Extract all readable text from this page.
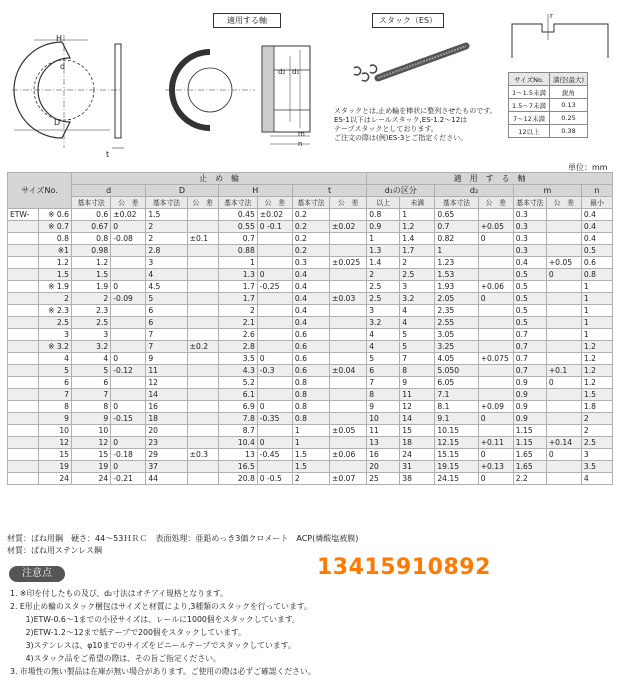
適用する軸	スタック（ES）
H
d
D
t
d₂ d₁
m
n
スタックとは,止め輪を棒状に整列させたものです。
ES-1以下はレールスタック,ES-1.2～12は
テープスタックとしております。
ご注文の際は(例)ES-3とご指定ください。
r
サイズNo.	満径(最大)
1～1.5未満	鋭角
1.5～7未満	0.13
7～12未満	0.25
12以上	0.38
単位：mm
サイズNo.		止　め　輪								適　用　す　る　軸						
		d		D		H		t		d₁の区分		d₂		m		n
		基本寸法	公　差	基本寸法	公　差	基本寸法	公　差	基本寸法	公　差	以上	未満	基本寸法	公　差	基本寸法	公　差	最小
ETW-	※ 0.6	0.6	±0.02	1.5		0.45	±0.02	0.2		0.8	1	0.65		0.3		0.4
	※ 0.7	0.67	0	2		0.55	0 -0.1	0.2	±0.02	0.9	1.2	0.7	+0.05	0.3		0.4
	0.8	0.8	-0.08	2	±0.1	0.7		0.2		1	1.4	0.82	0	0.3		0.4
	※1	0.98		2.8		0.88		0.2		1.3	1.7	1		0.3		0.5
	1.2	1.2		3		1		0.3	±0.025	1.4	2	1.23		0.4	+0.05	0.6
	1.5	1.5		4		1.3	0	0.4		2	2.5	1.53		0.5	0	0.8
	※ 1.9	1.9	0	4.5		1.7	-0.25	0.4		2.5	3	1.93	+0.06	0.5		1
	2	2	-0.09	5		1.7		0.4	±0.03	2.5	3.2	2.05	0	0.5		1
	※ 2.3	2.3		6		2		0.4		3	4	2.35		0.5		1
	2.5	2.5		6		2.1		0.4		3.2	4	2.55		0.5		1
	3	3		7		2.6		0.6		4	5	3.05		0.7		1
	※ 3.2	3.2		7	±0.2	2.8		0.6		4	5	3.25		0.7		1.2
	4	4	0	9		3.5	0	0.6		5	7	4.05	+0.075	0.7		1.2
	5	5	-0.12	11		4.3	-0.3	0.6	±0.04	6	8	5.050		0.7	+0.1	1.2
	6	6		12		5.2		0.8		7	9	6.05		0.9	0	1.2
	7	7		14		6.1		0.8		8	11	7.1		0.9		1.5
	8	8	0	16		6.9	0	0.8		9	12	8.1	+0.09	0.9		1.8
	9	9	-0.15	18		7.8	-0.35	0.8		10	14	9.1	0	0.9		2
	10	10		20		8.7		1	±0.05	11	15	10.15		1.15		2
	12	12	0	23		10.4	0	1		13	18	12.15	+0.11	1.15	+0.14	2.5
	15	15	-0.18	29	±0.3	13	-0.45	1.5	±0.06	16	24	15.15	0	1.65	0	3
	19	19	0	37		16.5		1.5		20	31	19.15	+0.13	1.65		3.5
	24	24	-0.21	44		20.8	0 -0.5	2	±0.07	25	38	24.15	0	2.2		4
材質：ばね用鋼　硬さ：44～53ＨＲＣ　表面処理：亜鉛めっき3価クロメート　ACP(燐酸塩被膜)
材質：ばね用ステンレス鋼
注意点	13415910892
1. ※印を付したもの及び、d₂寸法はオチアイ規格となります。
2. E形止め輪のスタック梱包はサイズと材質により,3種類のスタックを行っています。
　　1)ETW-0.6～1までの小径サイズは、レールに1000個をスタックしています。
　　2)ETW-1.2～12まで紙テープで200個をスタックしています。
　　3)ステンレスは、φ10までのサイズをビニールテープでスタックしています。
　　4)スタック品をご希望の際は、その旨ご指定ください。
3. 市場性の無い製品は在庫が無い場合があります。ご使用の際は必ずご確認ください。
